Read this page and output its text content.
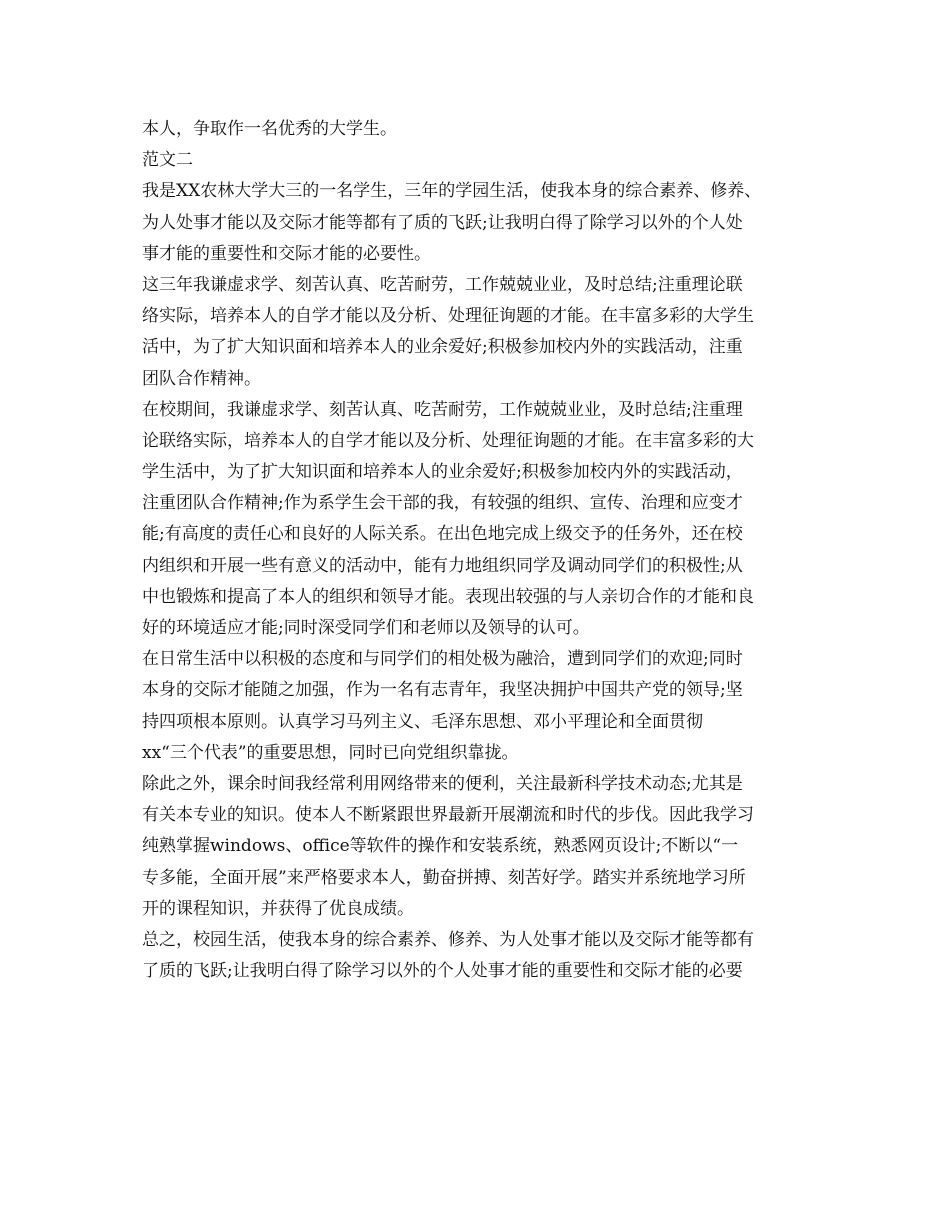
本人，争取作一名优秀的大学生。
范文二
我是XX农林大学大三的一名学生，三年的学园生活，使我本身的综合素养、修养、
为人处事才能以及交际才能等都有了质的飞跃;让我明白得了除学习以外的个人处
事才能的重要性和交际才能的必要性。
这三年我谦虚求学、刻苦认真、吃苦耐劳，工作兢兢业业，及时总结;注重理论联
络实际，培养本人的自学才能以及分析、处理征询题的才能。在丰富多彩的大学生
活中，为了扩大知识面和培养本人的业余爱好;积极参加校内外的实践活动，注重
团队合作精神。
在校期间，我谦虚求学、刻苦认真、吃苦耐劳，工作兢兢业业，及时总结;注重理
论联络实际，培养本人的自学才能以及分析、处理征询题的才能。在丰富多彩的大
学生活中，为了扩大知识面和培养本人的业余爱好;积极参加校内外的实践活动，
注重团队合作精神;作为系学生会干部的我，有较强的组织、宣传、治理和应变才
能;有高度的责任心和良好的人际关系。在出色地完成上级交予的任务外，还在校
内组织和开展一些有意义的活动中，能有力地组织同学及调动同学们的积极性;从
中也锻炼和提高了本人的组织和领导才能。表现出较强的与人亲切合作的才能和良
好的环境适应才能;同时深受同学们和老师以及领导的认可。
在日常生活中以积极的态度和与同学们的相处极为融洽，遭到同学们的欢迎;同时
本身的交际才能随之加强，作为一名有志青年，我坚决拥护中国共产党的领导;坚
持四项根本原则。认真学习马列主义、毛泽东思想、邓小平理论和全面贯彻
xx“三个代表”的重要思想，同时已向党组织靠拢。
除此之外，课余时间我经常利用网络带来的便利，关注最新科学技术动态;尤其是
有关本专业的知识。使本人不断紧跟世界最新开展潮流和时代的步伐。因此我学习
纯熟掌握windows、office等软件的操作和安装系统，熟悉网页设计;不断以“一
专多能，全面开展”来严格要求本人，勤奋拼搏、刻苦好学。踏实并系统地学习所
开的课程知识，并获得了优良成绩。
总之，校园生活，使我本身的综合素养、修养、为人处事才能以及交际才能等都有
了质的飞跃;让我明白得了除学习以外的个人处事才能的重要性和交际才能的必要
